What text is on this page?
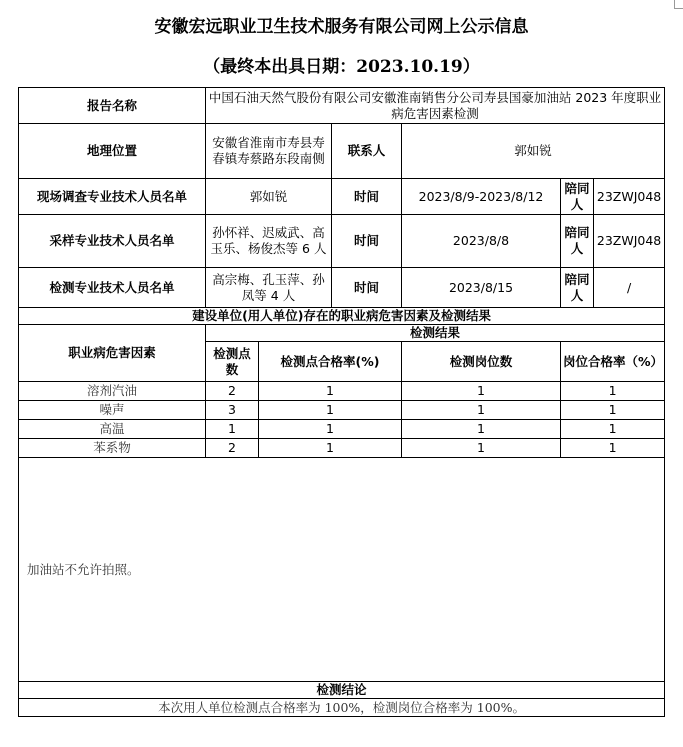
安徽宏远职业卫生技术服务有限公司网上公示信息
（最终本出具日期：2023.10.19）
报告名称	中国石油天然气股份有限公司安徽淮南销售分公司寿县国豪加油站 2023 年度职业病危害因素检测					
地理位置	安徽省淮南市寿县寿春镇寿蔡路东段南侧		联系人	郭如锐		
现场调查专业技术人员名单	郭如锐		时间	2023/8/9-2023/8/12	陪同人	23ZWJ048
采样专业技术人员名单	孙怀祥、迟威武、高玉乐、杨俊杰等 6 人		时间	2023/8/8	陪同人	23ZWJ048
检测专业技术人员名单	高宗梅、孔玉萍、孙凤等 4 人		时间	2023/8/15	陪同人	/
建设单位(用人单位)存在的职业病危害因素及检测结果						
职业病危害因素	检测结果					
	检测点数	检测点合格率(%)		检测岗位数	岗位合格率（%）	
溶剂汽油	2	1		1	1	
噪声	3	1		1	1	
高温	1	1		1	1	
苯系物	2	1		1	1	
加油站不允许拍照。						
检测结论						
本次用人单位检测点合格率为 100%，检测岗位合格率为 100%。						
